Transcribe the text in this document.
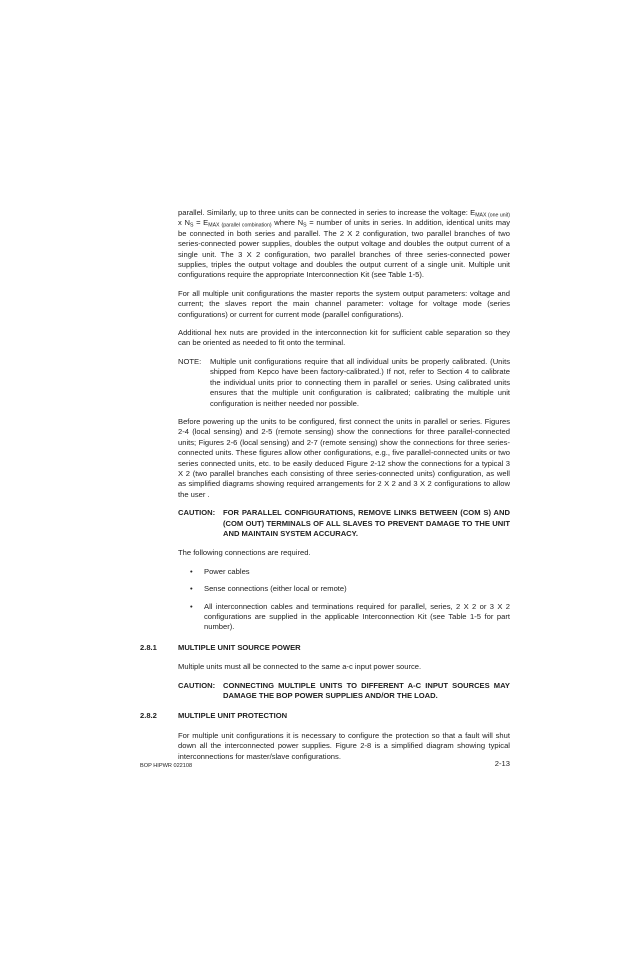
parallel. Similarly, up to three units can be connected in series to increase the voltage: $E_{MAX (one unit)}$ x $N_S = E_{MAX (parallel combination)}$ where $N_S$ = number of units in series. In addition, identical units may be connected in both series and parallel. The 2 X 2 configuration, two parallel branches of two series-connected power supplies, doubles the output voltage and doubles the output current of a single unit. The 3 X 2 configuration, two parallel branches of three series-connected power supplies, triples the output voltage and doubles the output current of a single unit. Multiple unit configurations require the appropriate Interconnection Kit (see Table 1-5).

For all multiple unit configurations the master reports the system output parameters: voltage and current; the slaves report the main channel parameter: voltage for voltage mode (series configurations) or current for current mode (parallel configurations).

Additional hex nuts are provided in the interconnection kit for sufficient cable separation so they can be oriented as needed to fit onto the terminal.

NOTE:	Multiple unit configurations require that all individual units be properly calibrated. (Units shipped from Kepco have been factory-calibrated.) If not, refer to Section 4 to calibrate the individual units prior to connecting them in parallel or series. Using calibrated units ensures that the multiple unit configuration is calibrated; calibrating the multiple unit configuration is neither needed nor possible.

Before powering up the units to be configured, first connect the units in parallel or series. Figures 2-4 (local sensing) and 2-5 (remote sensing) show the connections for three parallel-connected units; Figures 2-6 (local sensing) and 2-7 (remote sensing) show the connections for three series-connected units. These figures allow other configurations, e.g., five parallel-connected units or two series connected units, etc. to be easily deduced Figure 2-12 show the connections for a typical 3 X 2 (two parallel branches each consisting of three series-connected units) configuration, as well as simplified diagrams showing required arrangements for 2 X 2 and 3 X 2 configurations to allow the user .

CAUTION:	FOR PARALLEL CONFIGURATIONS, REMOVE LINKS BETWEEN (COM S) AND (COM OUT) TERMINALS OF ALL SLAVES TO PREVENT DAMAGE TO THE UNIT AND MAINTAIN SYSTEM ACCURACY.

The following connections are required.

•	Power cables
•	Sense connections (either local or remote)
•	All interconnection cables and terminations required for parallel, series, 2 X 2 or 3 X 2 configurations are supplied in the applicable Interconnection Kit (see Table 1-5 for part number).
2.8.1	MULTIPLE UNIT SOURCE POWER

Multiple units must all be connected to the same a-c input power source.

CAUTION:	CONNECTING MULTIPLE UNITS TO DIFFERENT A-C INPUT SOURCES MAY DAMAGE THE BOP POWER SUPPLIES AND/OR THE LOAD.
2.8.2	MULTIPLE UNIT PROTECTION

For multiple unit configurations it is necessary to configure the protection so that a fault will shut down all the interconnected power supplies. Figure 2-8 is a simplified diagram showing typical interconnections for master/slave configurations.

BOP HIPWR 022108	2-13
